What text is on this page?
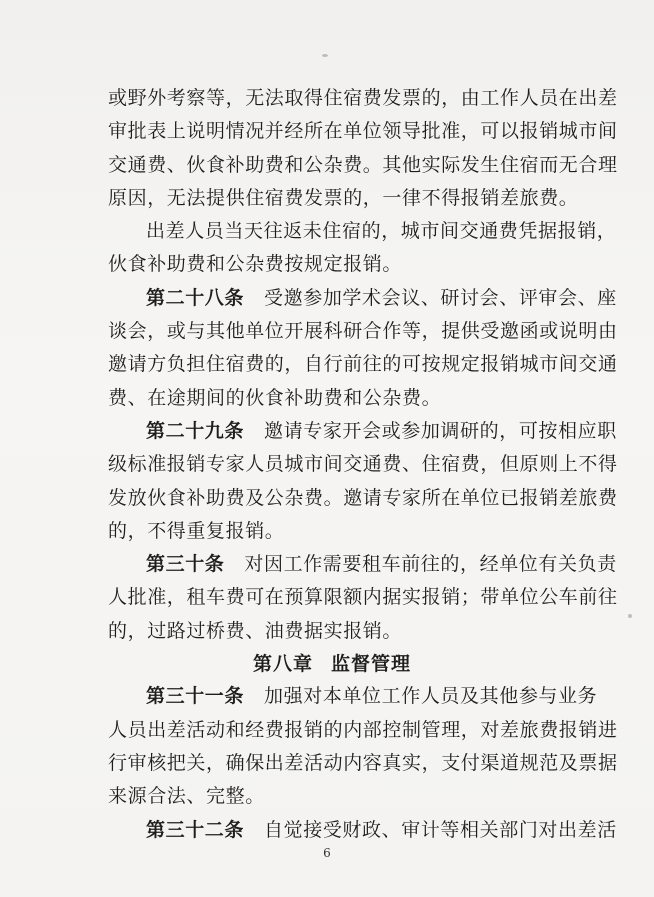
或野外考察等，无法取得住宿费发票的，由工作人员在出差
审批表上说明情况并经所在单位领导批准，可以报销城市间
交通费、伙食补助费和公杂费。其他实际发生住宿而无合理
原因，无法提供住宿费发票的，一律不得报销差旅费。
出差人员当天往返未住宿的，城市间交通费凭据报销，
伙食补助费和公杂费按规定报销。
第二十八条 受邀参加学术会议、研讨会、评审会、座
谈会，或与其他单位开展科研合作等，提供受邀函或说明由
邀请方负担住宿费的，自行前往的可按规定报销城市间交通
费、在途期间的伙食补助费和公杂费。
第二十九条 邀请专家开会或参加调研的，可按相应职
级标准报销专家人员城市间交通费、住宿费，但原则上不得
发放伙食补助费及公杂费。邀请专家所在单位已报销差旅费
的，不得重复报销。
第三十条 对因工作需要租车前往的，经单位有关负责
人批准，租车费可在预算限额内据实报销；带单位公车前往
的，过路过桥费、油费据实报销。
第八章 监督管理
第三十一条 加强对本单位工作人员及其他参与业务
人员出差活动和经费报销的内部控制管理，对差旅费报销进
行审核把关，确保出差活动内容真实，支付渠道规范及票据
来源合法、完整。
第三十二条 自觉接受财政、审计等相关部门对出差活
6
